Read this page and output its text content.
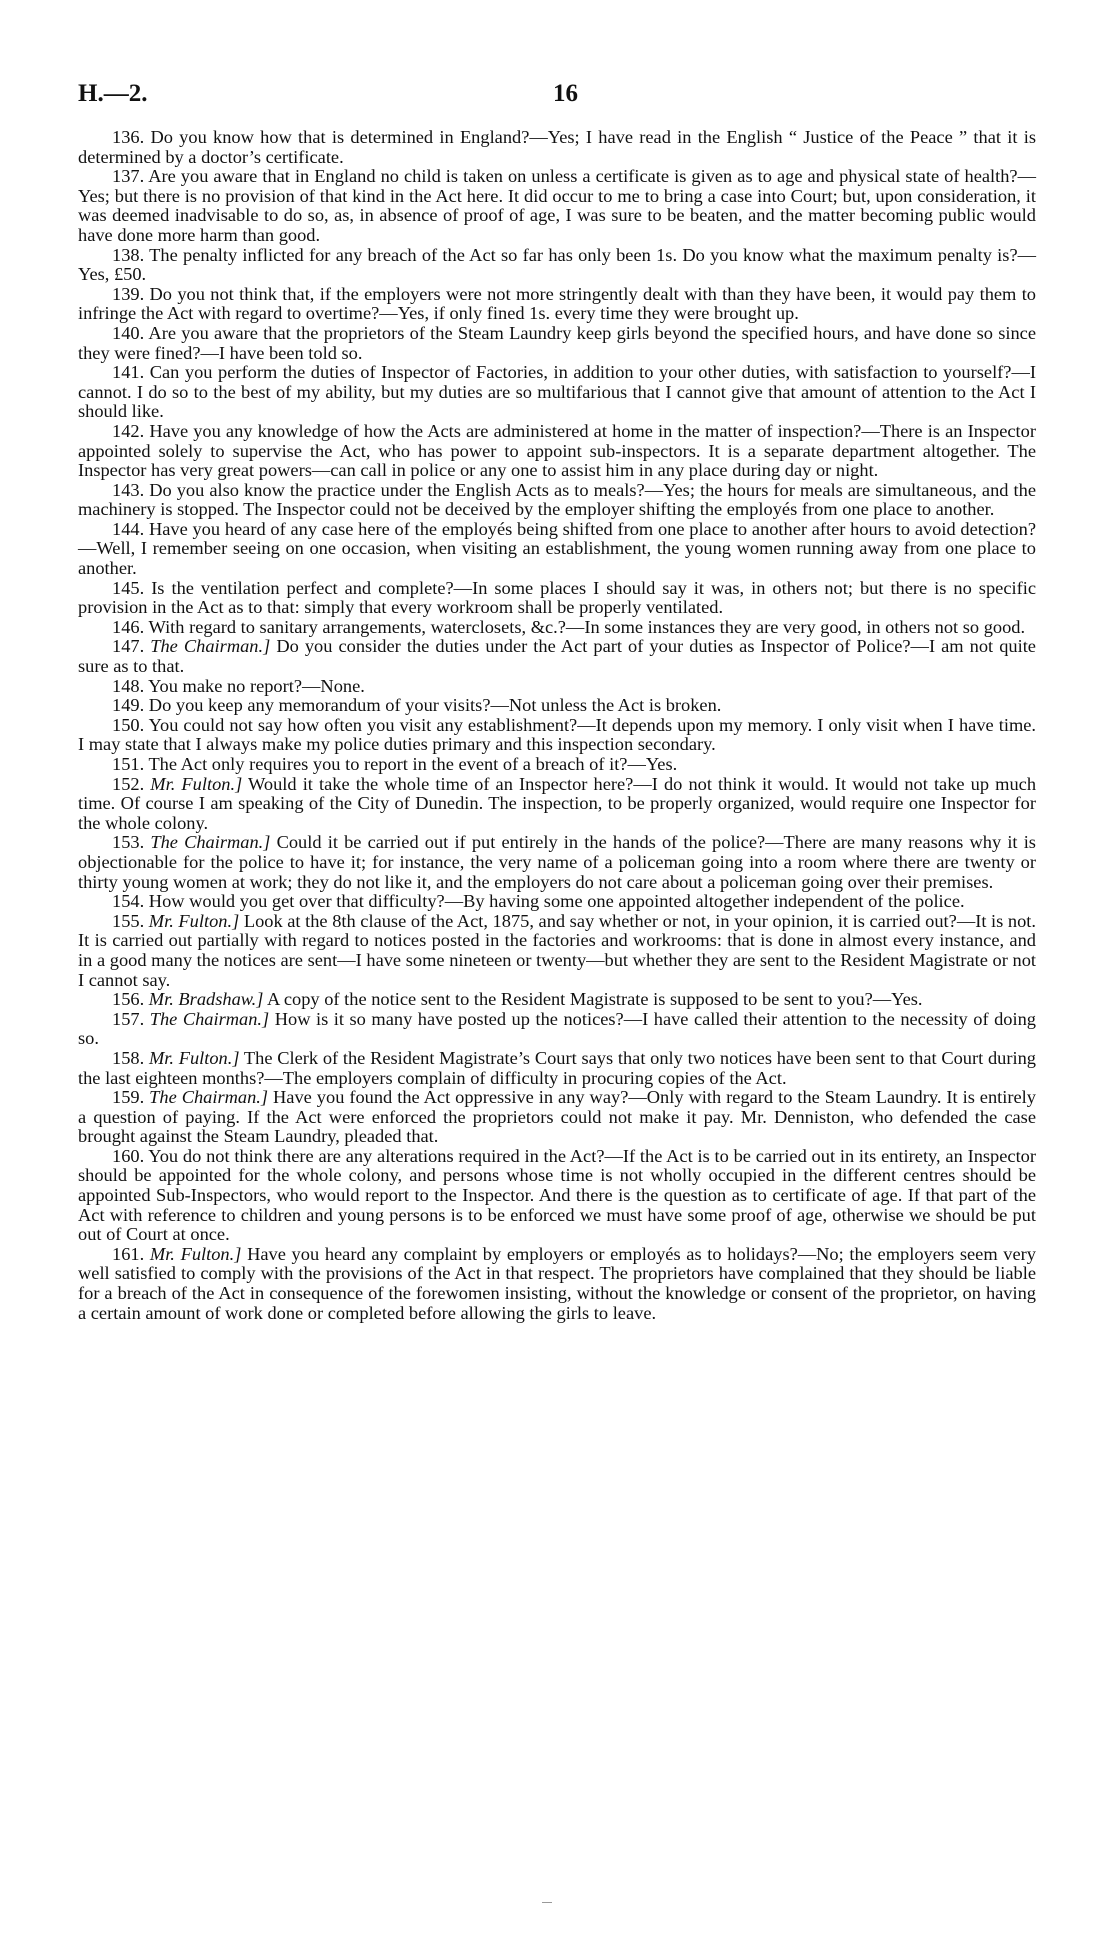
H.—2.	16

136. Do you know how that is determined in England?—Yes; I have read in the English “ Justice of the Peace ” that it is determined by a doctor’s certificate.

137. Are you aware that in England no child is taken on unless a certificate is given as to age and physical state of health?—Yes; but there is no provision of that kind in the Act here. It did occur to me to bring a case into Court; but, upon consideration, it was deemed inadvisable to do so, as, in absence of proof of age, I was sure to be beaten, and the matter becoming public would have done more harm than good.

138. The penalty inflicted for any breach of the Act so far has only been 1s. Do you know what the maximum penalty is?—Yes, £50.

139. Do you not think that, if the employers were not more stringently dealt with than they have been, it would pay them to infringe the Act with regard to overtime?—Yes, if only fined 1s. every time they were brought up.

140. Are you aware that the proprietors of the Steam Laundry keep girls beyond the specified hours, and have done so since they were fined?—I have been told so.

141. Can you perform the duties of Inspector of Factories, in addition to your other duties, with satisfaction to yourself?—I cannot. I do so to the best of my ability, but my duties are so multifarious that I cannot give that amount of attention to the Act I should like.

142. Have you any knowledge of how the Acts are administered at home in the matter of inspection?—There is an Inspector appointed solely to supervise the Act, who has power to appoint sub-inspectors. It is a separate department altogether. The Inspector has very great powers—can call in police or any one to assist him in any place during day or night.

143. Do you also know the practice under the English Acts as to meals?—Yes; the hours for meals are simultaneous, and the machinery is stopped. The Inspector could not be deceived by the employer shifting the employés from one place to another.

144. Have you heard of any case here of the employés being shifted from one place to another after hours to avoid detection?—Well, I remember seeing on one occasion, when visiting an establishment, the young women running away from one place to another.

145. Is the ventilation perfect and complete?—In some places I should say it was, in others not; but there is no specific provision in the Act as to that: simply that every workroom shall be properly ventilated.

146. With regard to sanitary arrangements, waterclosets, &c.?—In some instances they are very good, in others not so good.

147. The Chairman.] Do you consider the duties under the Act part of your duties as Inspector of Police?—I am not quite sure as to that.

148. You make no report?—None.

149. Do you keep any memorandum of your visits?—Not unless the Act is broken.

150. You could not say how often you visit any establishment?—It depends upon my memory. I only visit when I have time. I may state that I always make my police duties primary and this inspection secondary.

151. The Act only requires you to report in the event of a breach of it?—Yes.

152. Mr. Fulton.] Would it take the whole time of an Inspector here?—I do not think it would. It would not take up much time. Of course I am speaking of the City of Dunedin. The inspection, to be properly organized, would require one Inspector for the whole colony.

153. The Chairman.] Could it be carried out if put entirely in the hands of the police?—There are many reasons why it is objectionable for the police to have it; for instance, the very name of a policeman going into a room where there are twenty or thirty young women at work; they do not like it, and the employers do not care about a policeman going over their premises.

154. How would you get over that difficulty?—By having some one appointed altogether independent of the police.

155. Mr. Fulton.] Look at the 8th clause of the Act, 1875, and say whether or not, in your opinion, it is carried out?—It is not. It is carried out partially with regard to notices posted in the factories and workrooms: that is done in almost every instance, and in a good many the notices are sent—I have some nineteen or twenty—but whether they are sent to the Resident Magistrate or not I cannot say.

156. Mr. Bradshaw.] A copy of the notice sent to the Resident Magistrate is supposed to be sent to you?—Yes.

157. The Chairman.] How is it so many have posted up the notices?—I have called their attention to the necessity of doing so.

158. Mr. Fulton.] The Clerk of the Resident Magistrate’s Court says that only two notices have been sent to that Court during the last eighteen months?—The employers complain of difficulty in procuring copies of the Act.

159. The Chairman.] Have you found the Act oppressive in any way?—Only with regard to the Steam Laundry. It is entirely a question of paying. If the Act were enforced the proprietors could not make it pay. Mr. Denniston, who defended the case brought against the Steam Laundry, pleaded that.

160. You do not think there are any alterations required in the Act?—If the Act is to be carried out in its entirety, an Inspector should be appointed for the whole colony, and persons whose time is not wholly occupied in the different centres should be appointed Sub-Inspectors, who would report to the Inspector. And there is the question as to certificate of age. If that part of the Act with reference to children and young persons is to be enforced we must have some proof of age, otherwise we should be put out of Court at once.

161. Mr. Fulton.] Have you heard any complaint by employers or employés as to holidays?—No; the employers seem very well satisfied to comply with the provisions of the Act in that respect. The proprietors have complained that they should be liable for a breach of the Act in consequence of the forewomen insisting, without the knowledge or consent of the proprietor, on having a certain amount of work done or completed before allowing the girls to leave.
